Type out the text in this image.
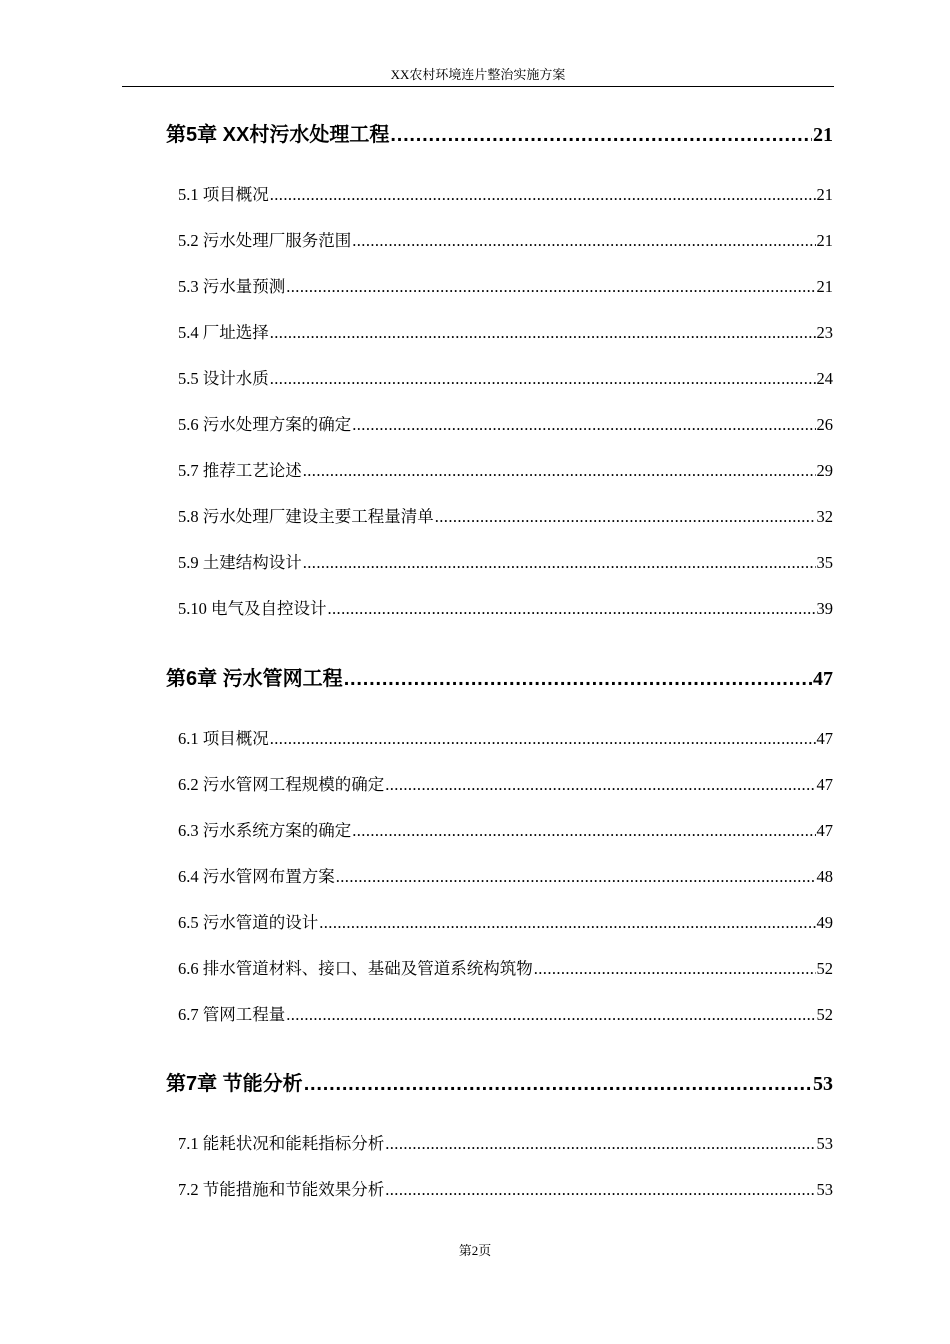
XX农村环境连片整治实施方案
第5章 XX村污水处理工程 .....	21
5.1 项目概况 .....	21
5.2 污水处理厂服务范围 .....	21
5.3 污水量预测 .....	21
5.4 厂址选择 .....	23
5.5 设计水质 .....	24
5.6 污水处理方案的确定 .....	26
5.7 推荐工艺论述 .....	29
5.8 污水处理厂建设主要工程量清单 .....	32
5.9 土建结构设计 .....	35
5.10 电气及自控设计 .....	39
第6章 污水管网工程 .....	47
6.1 项目概况 .....	47
6.2 污水管网工程规模的确定 .....	47
6.3 污水系统方案的确定 .....	47
6.4 污水管网布置方案 .....	48
6.5 污水管道的设计 .....	49
6.6 排水管道材料、接口、基础及管道系统构筑物 .....	52
6.7 管网工程量 .....	52
第7章 节能分析 .....	53
7.1 能耗状况和能耗指标分析 .....	53
7.2 节能措施和节能效果分析 .....	53
第2页
